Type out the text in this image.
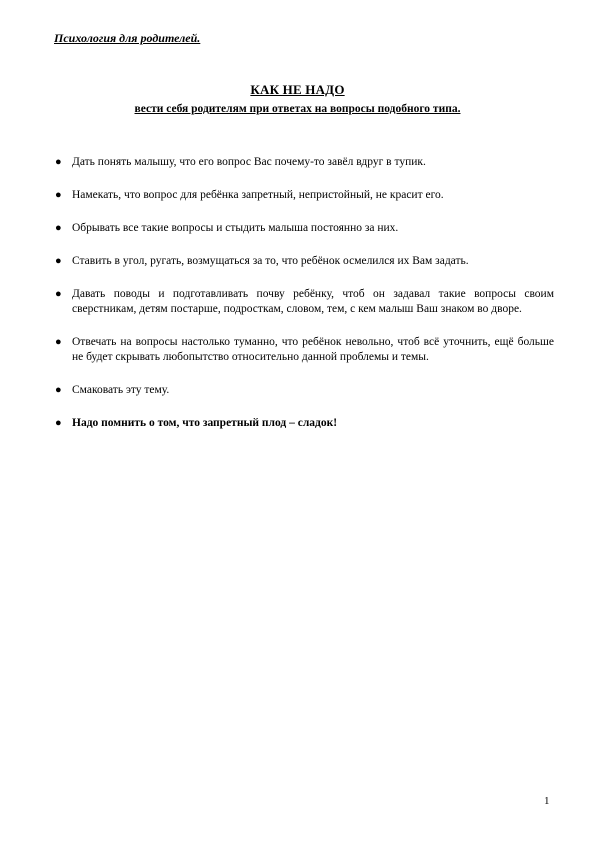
Психология для родителей.
КАК НЕ НАДО
вести себя родителям при ответах на вопросы подобного типа.
● Дать понять малышу, что его вопрос Вас почему-то завёл вдруг в тупик.
● Намекать, что вопрос для ребёнка запретный, непристойный, не красит его.
● Обрывать все такие вопросы и стыдить малыша постоянно за них.
● Ставить в угол, ругать, возмущаться за то, что ребёнок осмелился их Вам задать.
● Давать поводы и подготавливать почву ребёнку, чтоб он задавал такие вопросы своим сверстникам, детям постарше, подросткам, словом, тем, с кем малыш Ваш знаком во дворе.
● Отвечать на вопросы настолько туманно, что ребёнок невольно, чтоб всё уточнить, ещё больше не будет скрывать любопытство относительно данной проблемы и темы.
● Смаковать эту тему.
● Надо помнить о том, что запретный плод – сладок!
1
